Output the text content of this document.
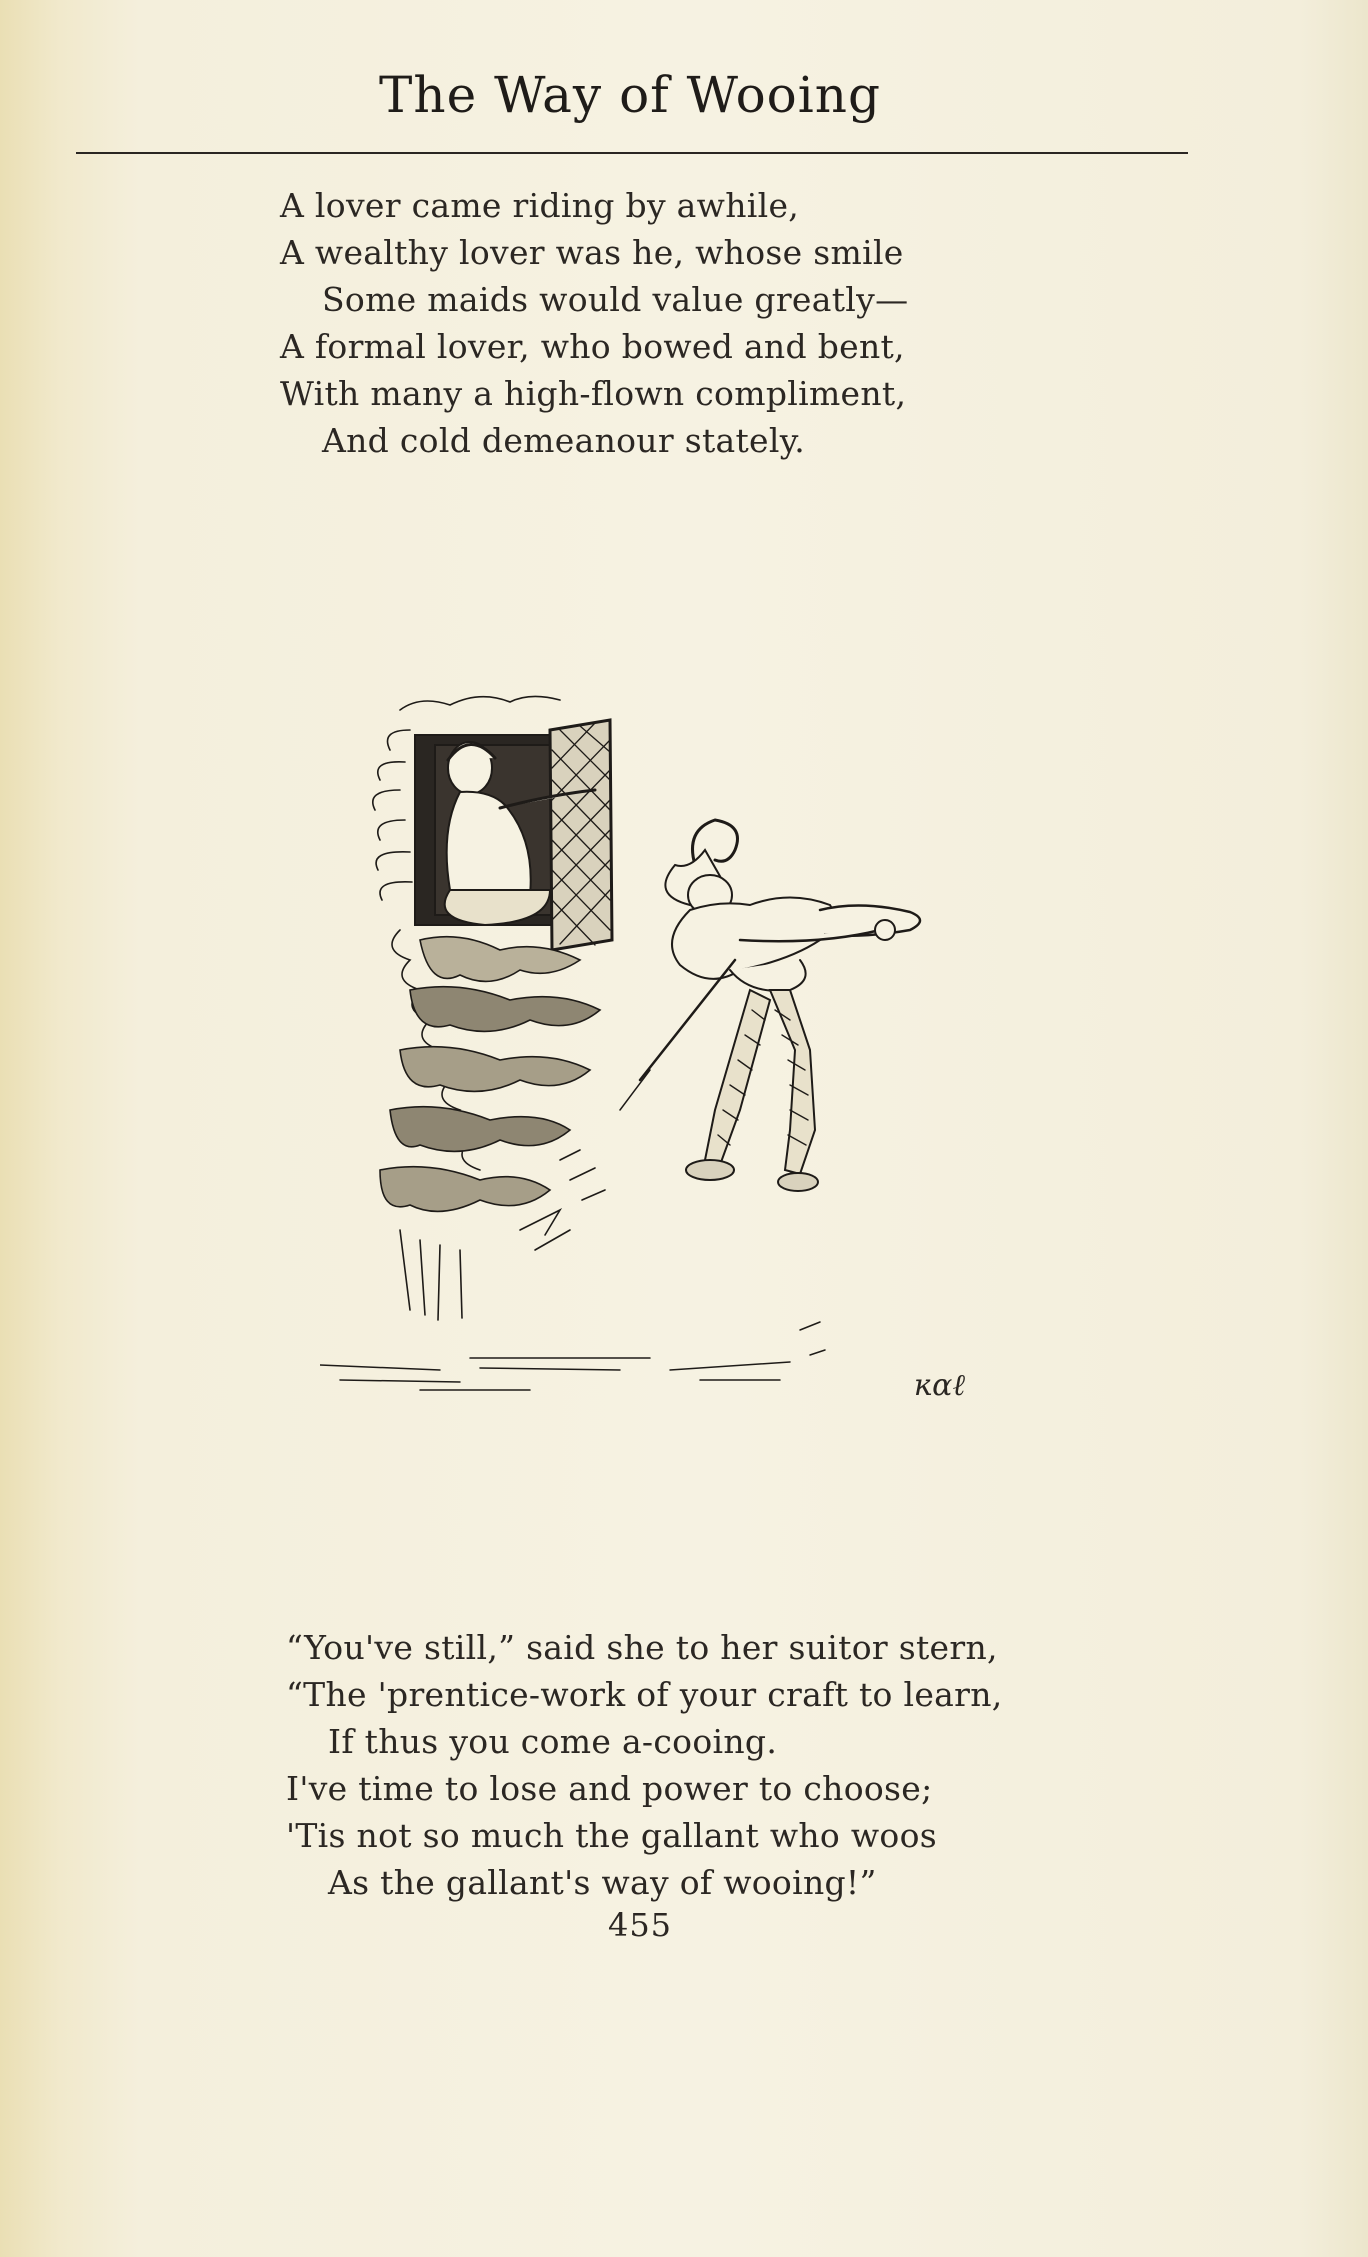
The Way of Wooing
A lover came riding by awhile,
A wealthy lover was he, whose smile
Some maids would value greatly—
A formal lover, who bowed and bent,
With many a high-flown compliment,
And cold demeanour stately.
ĸαℓ
“You've still,” said she to her suitor stern,
“The 'prentice-work of your craft to learn,
If thus you come a-cooing.
I've time to lose and power to choose;
'Tis not so much the gallant who woos
As the gallant's way of wooing!”
455
